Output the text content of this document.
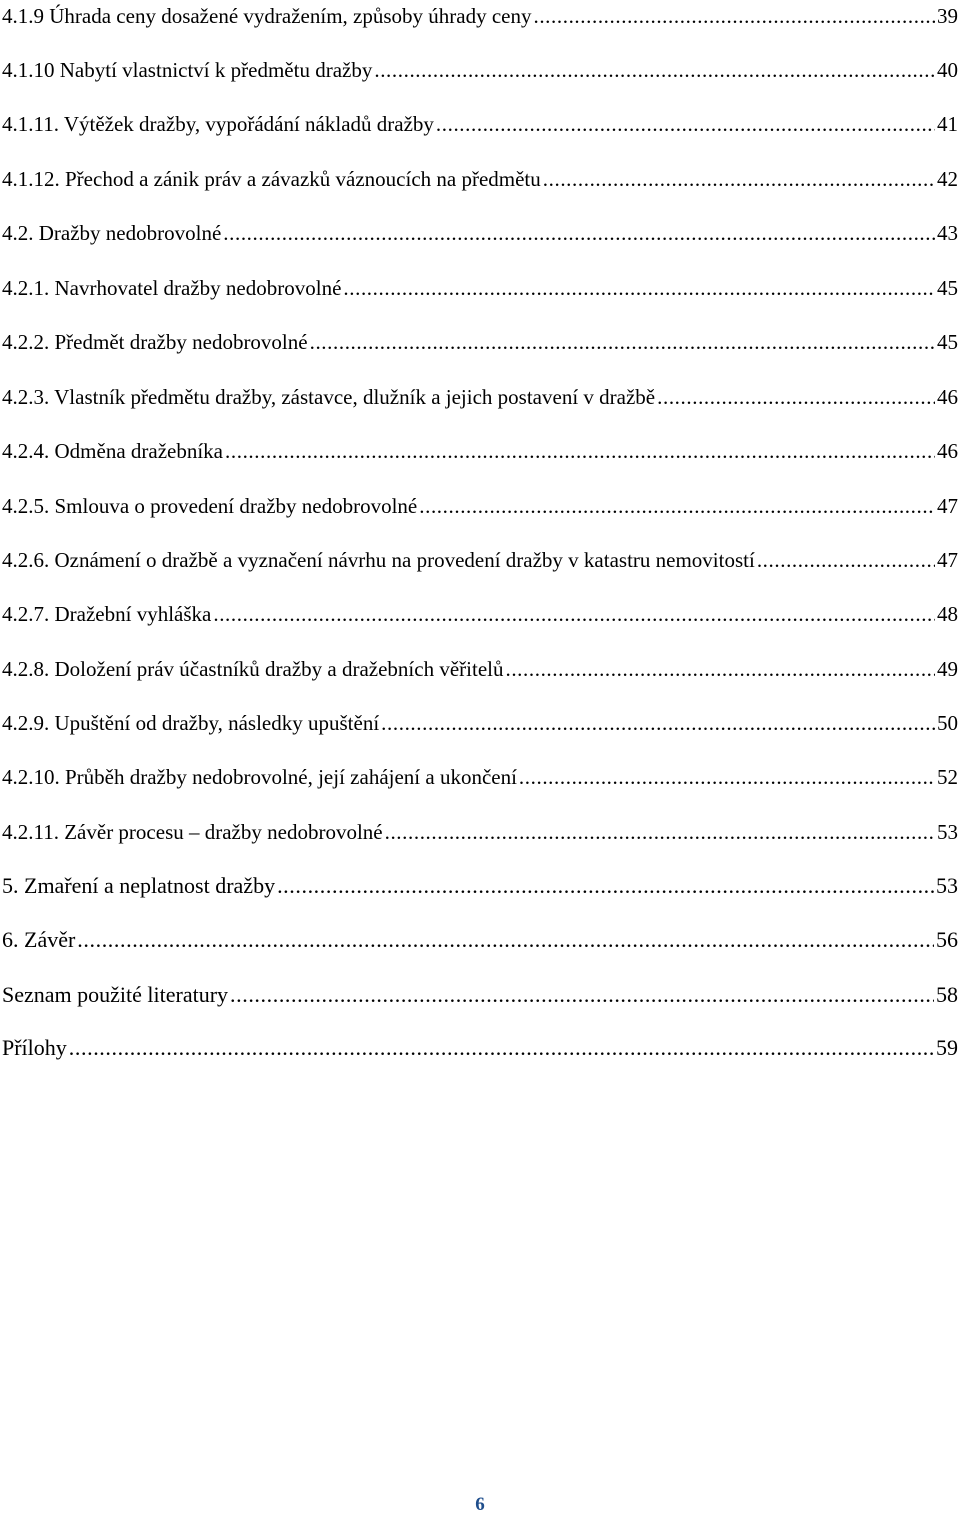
4.1.9 Úhrada ceny dosažené vydražením, způsoby úhrady ceny .....	39
4.1.10 Nabytí vlastnictví k předmětu dražby .....	40
4.1.11. Výtěžek dražby, vypořádání nákladů dražby .....	41
4.1.12. Přechod a zánik práv a závazků váznoucích na předmětu .....	42
4.2. Dražby nedobrovolné .....	43
4.2.1. Navrhovatel dražby nedobrovolné .....	45
4.2.2. Předmět dražby nedobrovolné .....	45
4.2.3. Vlastník předmětu dražby, zástavce, dlužník a jejich postavení v dražbě .....	46
4.2.4. Odměna dražebníka .....	46
4.2.5. Smlouva o provedení dražby nedobrovolné .....	47
4.2.6. Oznámení o dražbě a vyznačení návrhu na provedení dražby v katastru nemovitostí .....	47
4.2.7. Dražební vyhláška .....	48
4.2.8. Doložení práv účastníků dražby a dražebních věřitelů .....	49
4.2.9. Upuštění od dražby, následky upuštění .....	50
4.2.10. Průběh dražby nedobrovolné, její zahájení a ukončení .....	52
4.2.11. Závěr procesu – dražby nedobrovolné .....	53
5. Zmaření a neplatnost dražby .....	53
6. Závěr .....	56
Seznam použité literatury .....	58
Přílohy .....	59
6
